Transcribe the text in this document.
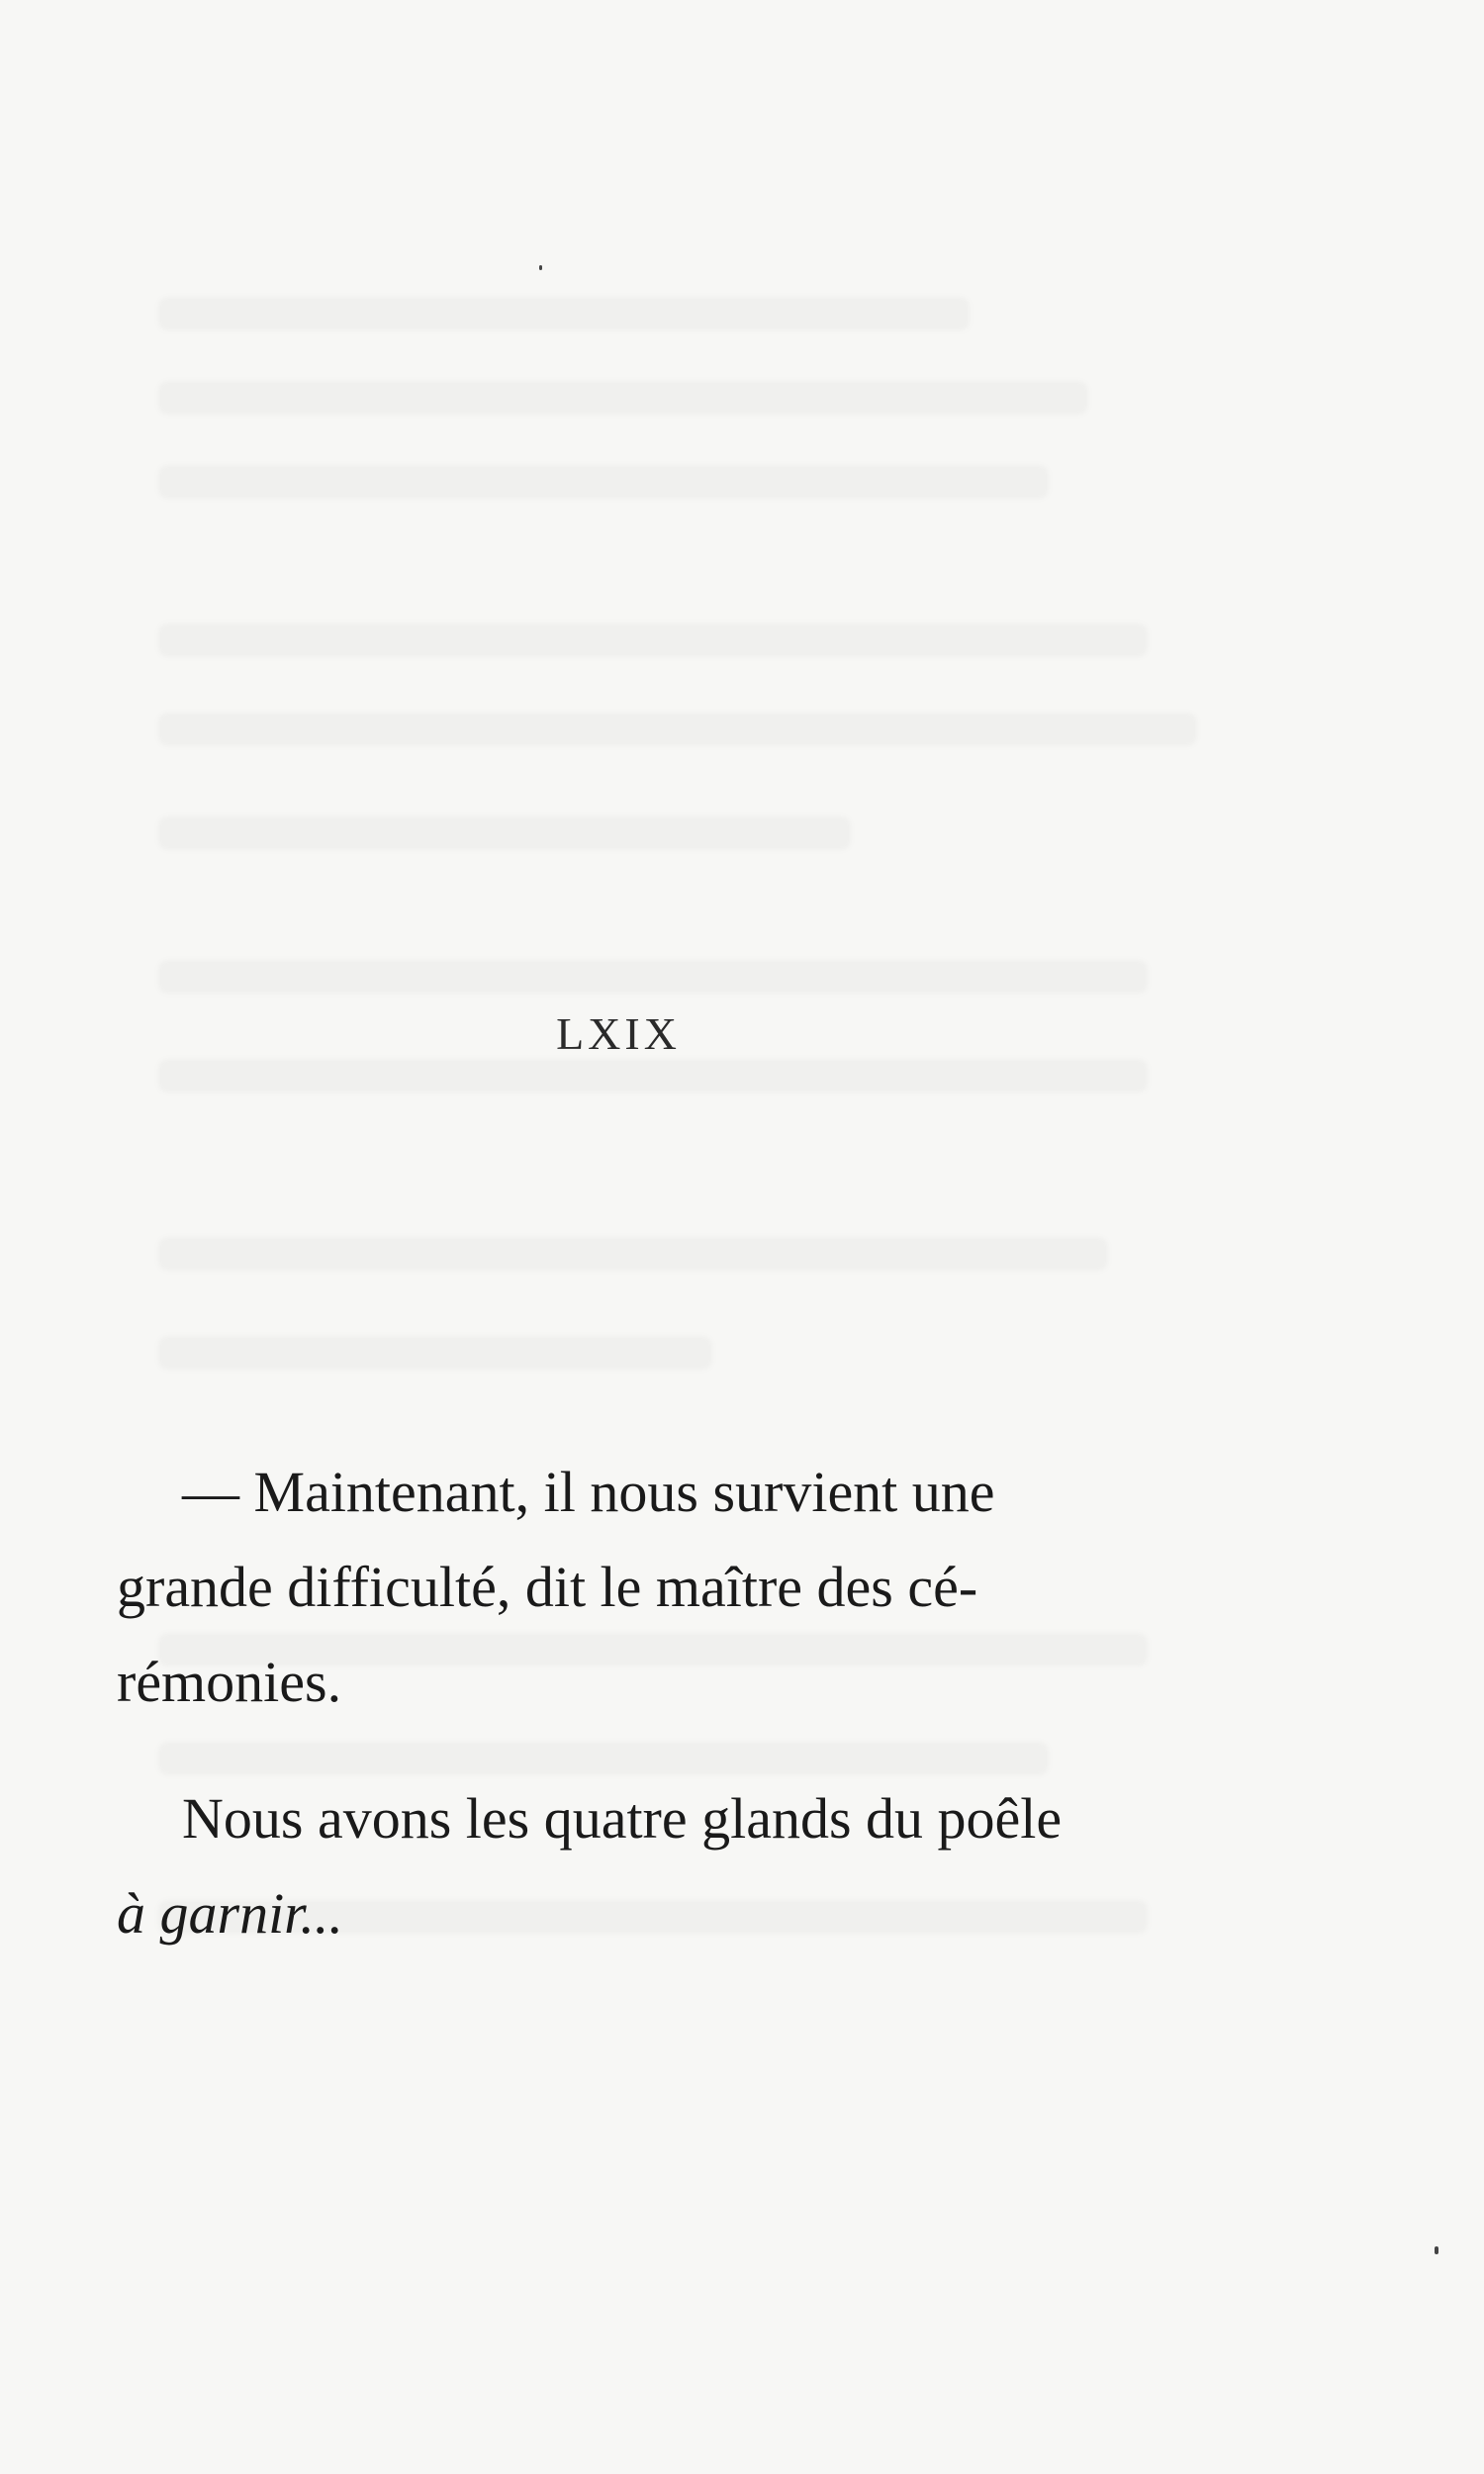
LXIX

— Maintenant, il nous survient une
grande difficulté, dit le maître des cé-
rémonies.

Nous avons les quatre glands du poêle
à garnir...
